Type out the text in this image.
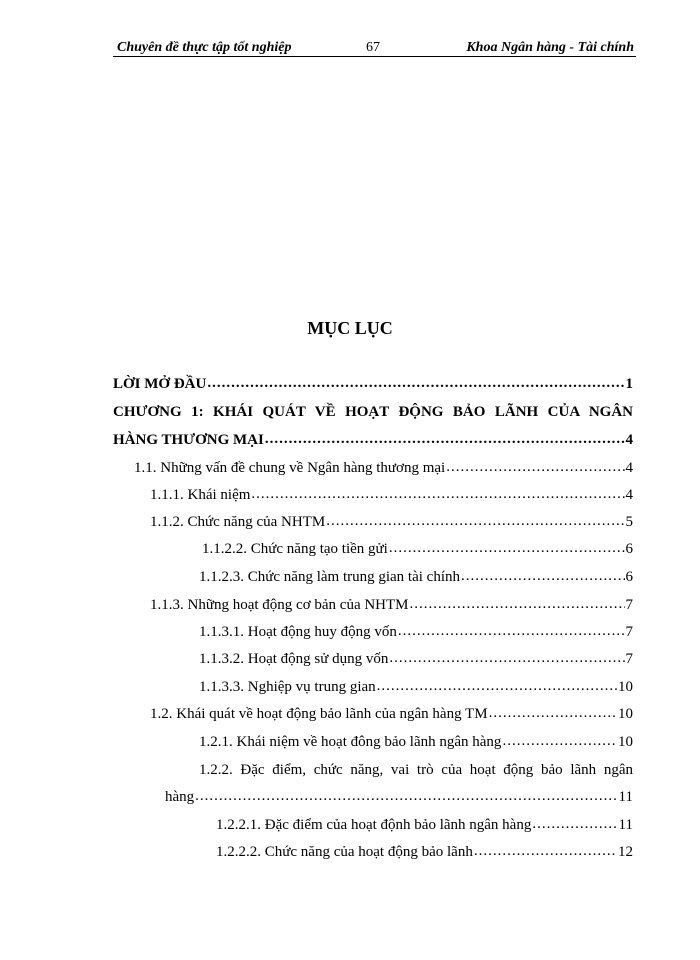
Chuyên đề thực tập tốt nghiệp	67	Khoa Ngân hàng - Tài chính
MỤC LỤC
LỜI MỞ ĐẦU .....	1
CHƯƠNG 1: KHÁI QUÁT VỀ HOẠT ĐỘNG BẢO LÃNH CỦA NGÂN
HÀNG THƯƠNG MẠI .....	4
1.1. Những vấn đề chung về Ngân hàng thương mại .....	4
1.1.1. Khái niệm .....	4
1.1.2. Chức năng của NHTM .....	5
1.1.2.2. Chức năng tạo tiền gửi .....	6
1.1.2.3. Chức năng làm trung gian tài chính .....	6
1.1.3. Những hoạt động cơ bản của NHTM .....	7
1.1.3.1. Hoạt động huy động vốn .....	7
1.1.3.2. Hoạt động sử dụng vốn .....	7
1.1.3.3. Nghiệp vụ trung gian .....	10
1.2. Khái quát về hoạt động bảo lãnh của ngân hàng TM .....	10
1.2.1. Khái niệm về hoạt đông bảo lãnh ngân hàng .....	10
1.2.2. Đặc điểm, chức năng, vai trò của hoạt động bảo lãnh ngân
hàng .....	11
1.2.2.1. Đặc điểm của hoạt độnh bảo lãnh ngân hàng .....	11
1.2.2.2. Chức năng của hoạt động bảo lãnh .....	12
